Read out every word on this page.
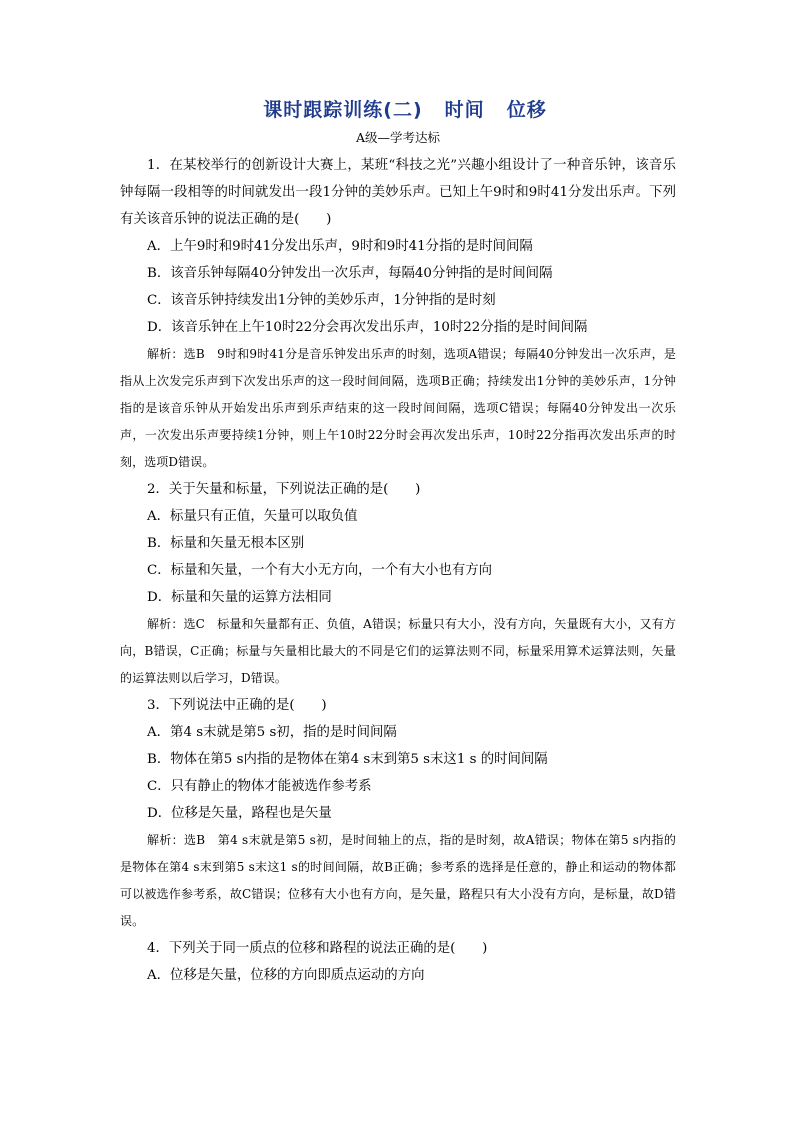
课时跟踪训练(二) 时间 位移
A级—学考达标

1．在某校举行的创新设计大赛上，某班“科技之光”兴趣小组设计了一种音乐钟，该音乐钟每隔一段相等的时间就发出一段1分钟的美妙乐声。已知上午9时和9时41分发出乐声。下列有关该音乐钟的说法正确的是(　　)

A．上午9时和9时41分发出乐声，9时和9时41分指的是时间间隔

B．该音乐钟每隔40分钟发出一次乐声，每隔40分钟指的是时间间隔

C．该音乐钟持续发出1分钟的美妙乐声，1分钟指的是时刻

D．该音乐钟在上午10时22分会再次发出乐声，10时22分指的是时间间隔

解析：选B　9时和9时41分是音乐钟发出乐声的时刻，选项A错误；每隔40分钟发出一次乐声，是指从上次发完乐声到下次发出乐声的这一段时间间隔，选项B正确；持续发出1分钟的美妙乐声，1分钟指的是该音乐钟从开始发出乐声到乐声结束的这一段时间间隔，选项C错误；每隔40分钟发出一次乐声，一次发出乐声要持续1分钟，则上午10时22分时会再次发出乐声，10时22分指再次发出乐声的时刻，选项D错误。

2．关于矢量和标量，下列说法正确的是(　　)

A．标量只有正值，矢量可以取负值

B．标量和矢量无根本区别

C．标量和矢量，一个有大小无方向，一个有大小也有方向

D．标量和矢量的运算方法相同

解析：选C　标量和矢量都有正、负值，A错误；标量只有大小，没有方向，矢量既有大小，又有方向，B错误，C正确；标量与矢量相比最大的不同是它们的运算法则不同，标量采用算术运算法则，矢量的运算法则以后学习，D错误。

3．下列说法中正确的是(　　)

A．第4 s末就是第5 s初，指的是时间间隔

B．物体在第5 s内指的是物体在第4 s末到第5 s末这1 s 的时间间隔

C．只有静止的物体才能被选作参考系

D．位移是矢量，路程也是矢量

解析：选B　第4 s末就是第5 s初，是时间轴上的点，指的是时刻，故A错误；物体在第5 s内指的是物体在第4 s末到第5 s末这1 s的时间间隔，故B正确；参考系的选择是任意的，静止和运动的物体都可以被选作参考系，故C错误；位移有大小也有方向，是矢量，路程只有大小没有方向，是标量，故D错误。

4．下列关于同一质点的位移和路程的说法正确的是(　　)

A．位移是矢量，位移的方向即质点运动的方向
